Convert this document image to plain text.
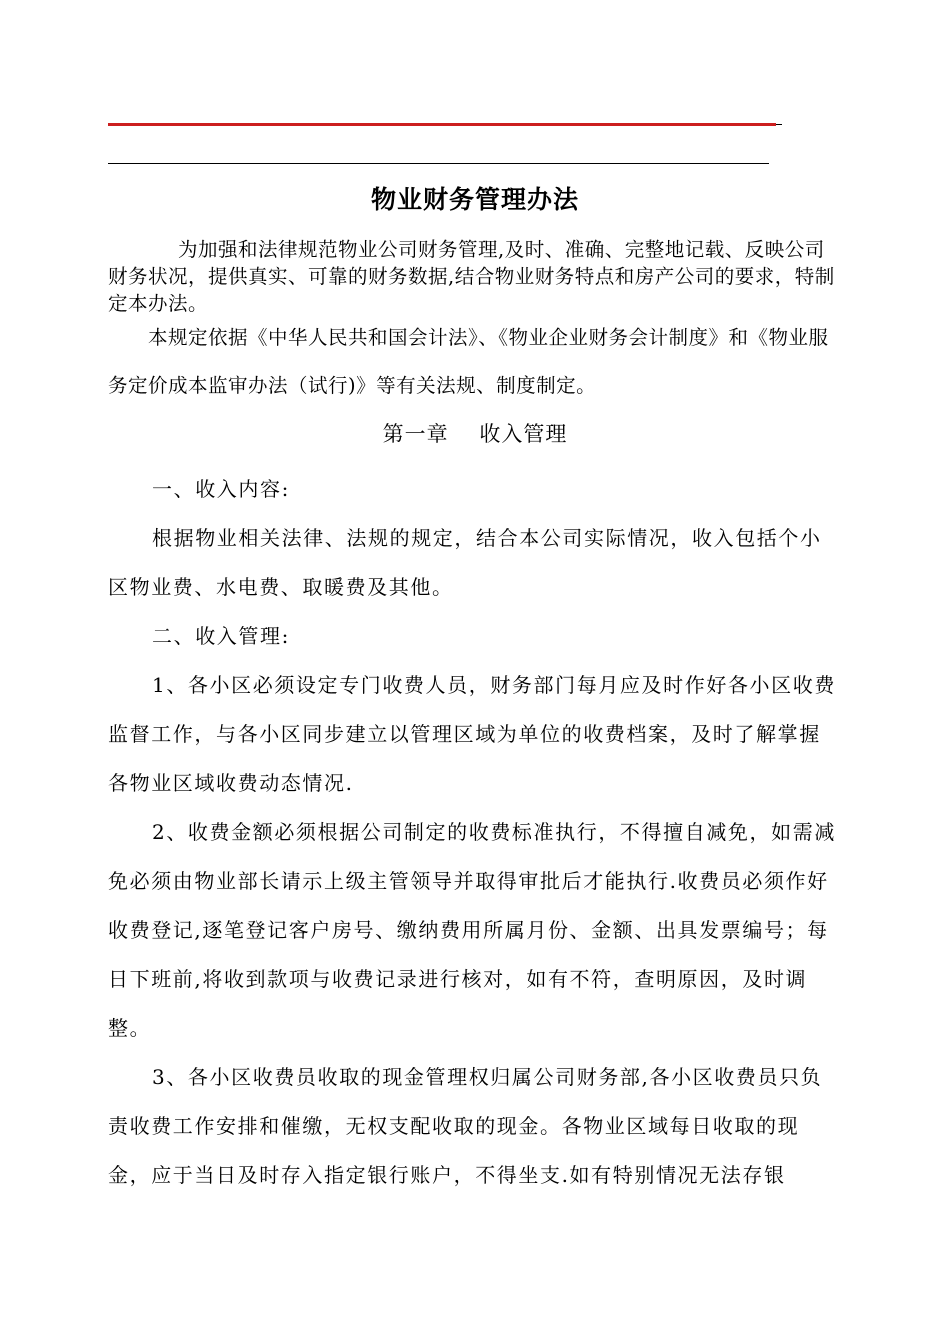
物业财务管理办法

为加强和法律规范物业公司财务管理,及时、准确、完整地记载、反映公司财务状况，提供真实、可靠的财务数据,结合物业财务特点和房产公司的要求，特制定本办法。

本规定依据《中华人民共和国会计法》、《物业企业财务会计制度》和《物业服务定价成本监审办法（试行)》等有关法规、制度制定。

第一章    收入管理

一、收入内容:

根据物业相关法律、法规的规定，结合本公司实际情况，收入包括个小区物业费、水电费、取暖费及其他。

二、收入管理:

1、各小区必须设定专门收费人员，财务部门每月应及时作好各小区收费监督工作，与各小区同步建立以管理区域为单位的收费档案，及时了解掌握各物业区域收费动态情况.

2、收费金额必须根据公司制定的收费标准执行，不得擅自减免，如需减免必须由物业部长请示上级主管领导并取得审批后才能执行.收费员必须作好收费登记,逐笔登记客户房号、缴纳费用所属月份、金额、出具发票编号；每日下班前,将收到款项与收费记录进行核对，如有不符，查明原因，及时调整。

3、各小区收费员收取的现金管理权归属公司财务部,各小区收费员只负责收费工作安排和催缴，无权支配收取的现金。各物业区域每日收取的现金，应于当日及时存入指定银行账户，不得坐支.如有特别情况无法存银
